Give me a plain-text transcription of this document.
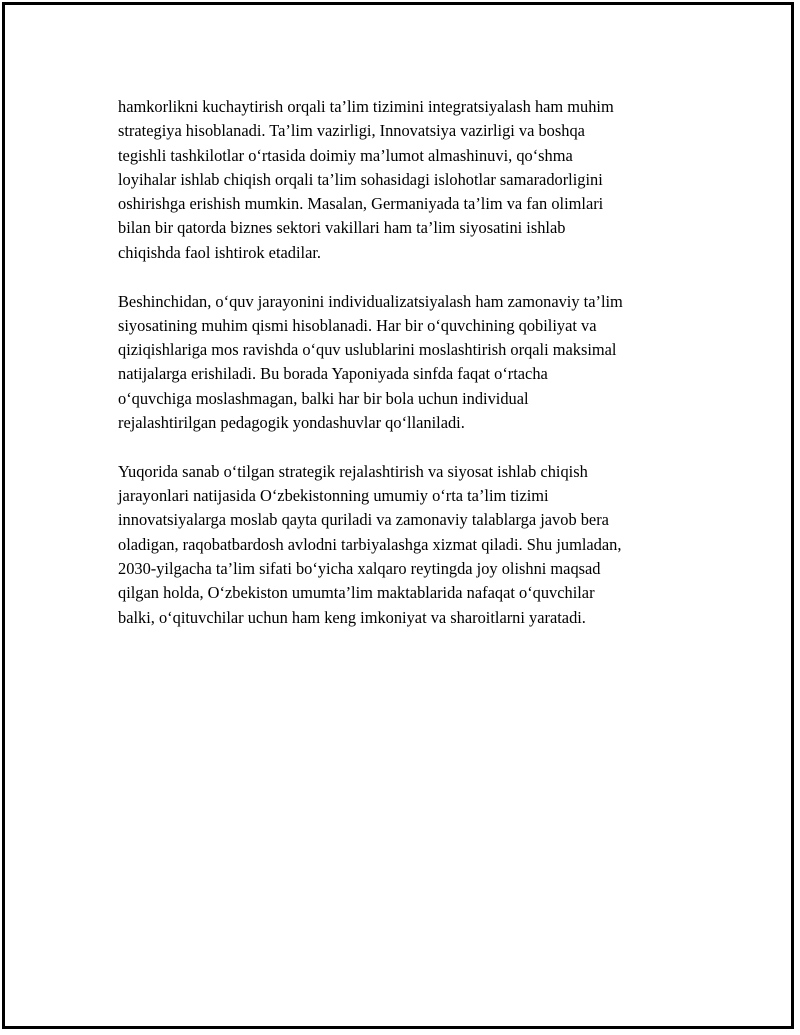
hamkorlikni kuchaytirish orqali ta’lim tizimini integratsiyalash ham muhim
strategiya hisoblanadi. Ta’lim vazirligi, Innovatsiya vazirligi va boshqa
tegishli tashkilotlar o‘rtasida doimiy ma’lumot almashinuvi, qo‘shma
loyihalar ishlab chiqish orqali ta’lim sohasidagi islohotlar samaradorligini
oshirishga erishish mumkin. Masalan, Germaniyada ta’lim va fan olimlari
bilan bir qatorda biznes sektori vakillari ham ta’lim siyosatini ishlab
chiqishda faol ishtirok etadilar.

Beshinchidan, o‘quv jarayonini individualizatsiyalash ham zamonaviy ta’lim
siyosatining muhim qismi hisoblanadi. Har bir o‘quvchining qobiliyat va
qiziqishlariga mos ravishda o‘quv uslublarini moslashtirish orqali maksimal
natijalarga erishiladi. Bu borada Yaponiyada sinfda faqat o‘rtacha
o‘quvchiga moslashmagan, balki har bir bola uchun individual
rejalashtirilgan pedagogik yondashuvlar qo‘llaniladi.

Yuqorida sanab o‘tilgan strategik rejalashtirish va siyosat ishlab chiqish
jarayonlari natijasida O‘zbekistonning umumiy o‘rta ta’lim tizimi
innovatsiyalarga moslab qayta quriladi va zamonaviy talablarga javob bera
oladigan, raqobatbardosh avlodni tarbiyalashga xizmat qiladi. Shu jumladan,
2030-yilgacha ta’lim sifati bo‘yicha xalqaro reytingda joy olishni maqsad
qilgan holda, O‘zbekiston umumta’lim maktablarida nafaqat o‘quvchilar
balki, o‘qituvchilar uchun ham keng imkoniyat va sharoitlarni yaratadi.
